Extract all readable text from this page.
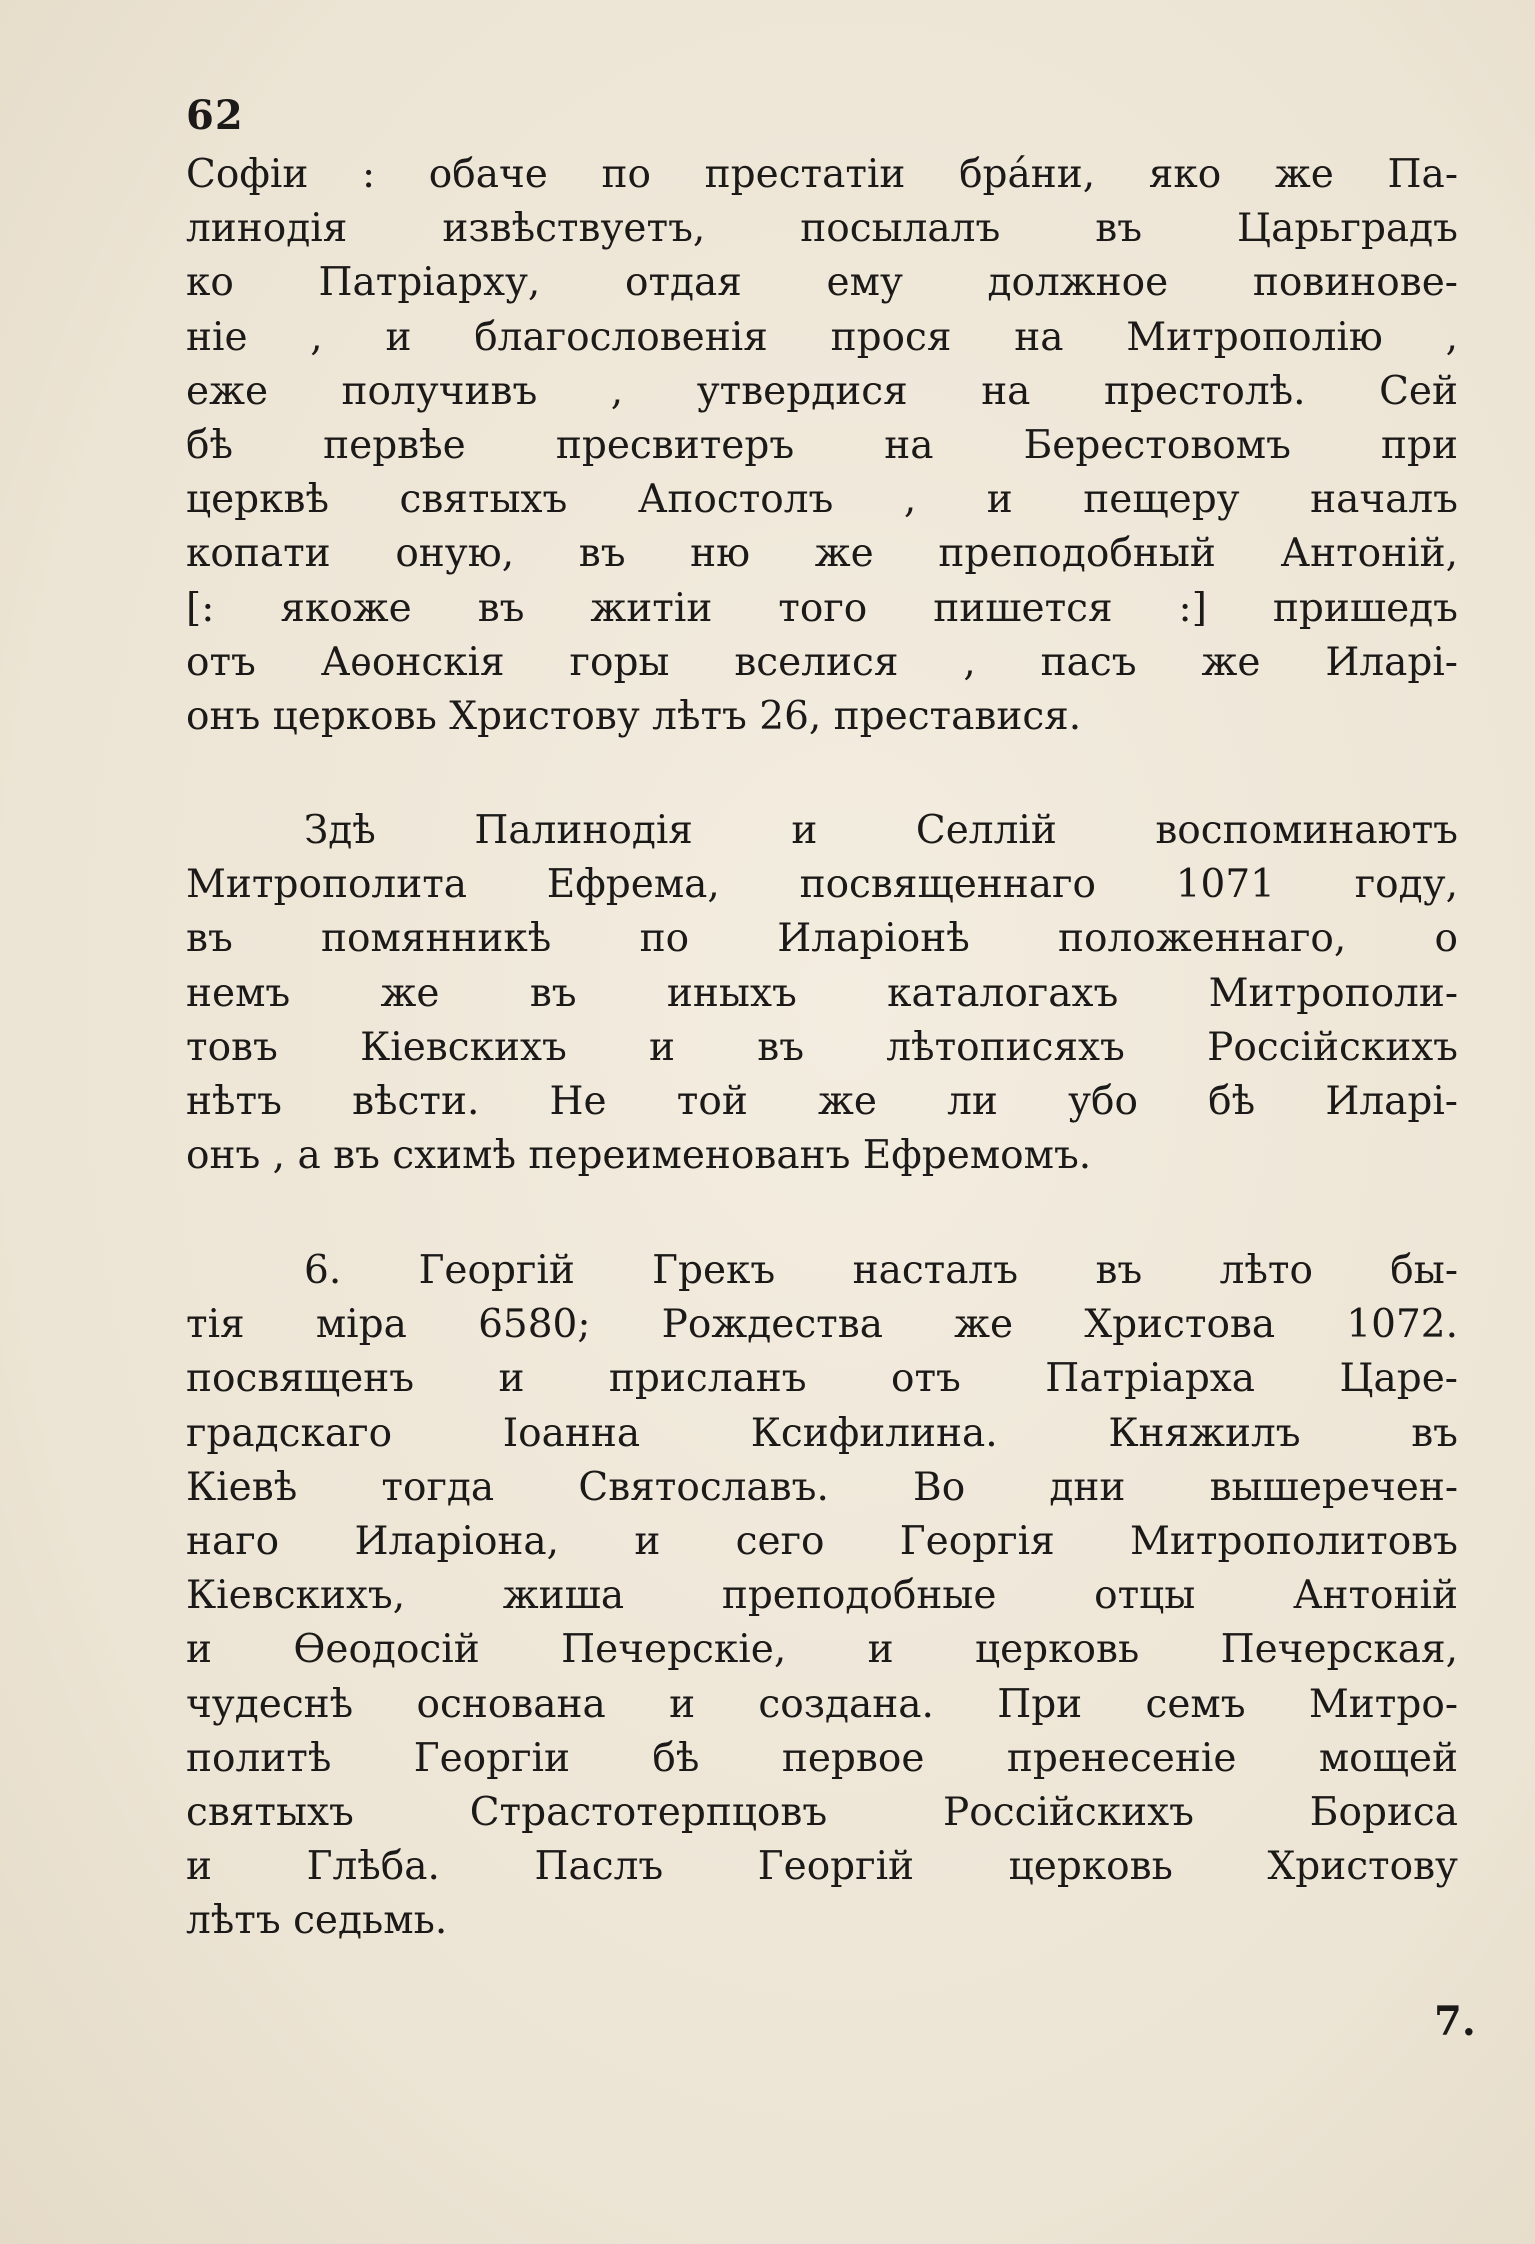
62
Софіи : обаче по престатіи бра́ни, яко же Па-
линодія извѣствуетъ, посылалъ въ Царьградъ
ко Патріарху, отдая ему должное повинове-
ніе , и благословенія прося на Митрополію ,
еже получивъ , утвердися на престолѣ. Сей
бѣ первѣе пресвитеръ на Берестовомъ при
церквѣ святыхъ Апостолъ , и пещеру началъ
копати оную, въ ню же преподобный Антоній,
[: якоже въ житіи того пишется :] пришедъ
отъ Аѳонскія горы вселися , пасъ же Иларі-
онъ церковь Христову лѣтъ 26, преставися.
Здѣ Палинодія и Селлій воспоминаютъ
Митрополита Ефрема, посвященнаго 1071 году,
въ помянникѣ по Иларіонѣ положеннаго, о
немъ же въ иныхъ каталогахъ Митрополи-
товъ Кіевскихъ и въ лѣтописяхъ Россійскихъ
нѣтъ вѣсти. Не той же ли убо бѣ Иларі-
онъ , а въ схимѣ переименованъ Ефремомъ.
6. Георгій Грекъ насталъ въ лѣто бы-
тія міра 6580; Рождества же Христова 1072.
посвященъ и присланъ отъ Патріарха Царе-
градскаго Іоанна Ксифилина. Княжилъ въ
Кіевѣ тогда Святославъ. Во дни вышеречен-
наго Иларіона, и сего Георгія Митрополитовъ
Кіевскихъ, жиша преподобные отцы Антоній
и Ѳеодосій Печерскіе, и церковь Печерская,
чудеснѣ основана и создана. При семъ Митро-
политѣ Георгіи бѣ первое пренесеніе мощей
святыхъ Страстотерпцовъ Россійскихъ Бориса
и Глѣба. Паслъ Георгій церковь Христову
лѣтъ седьмь.
7.
